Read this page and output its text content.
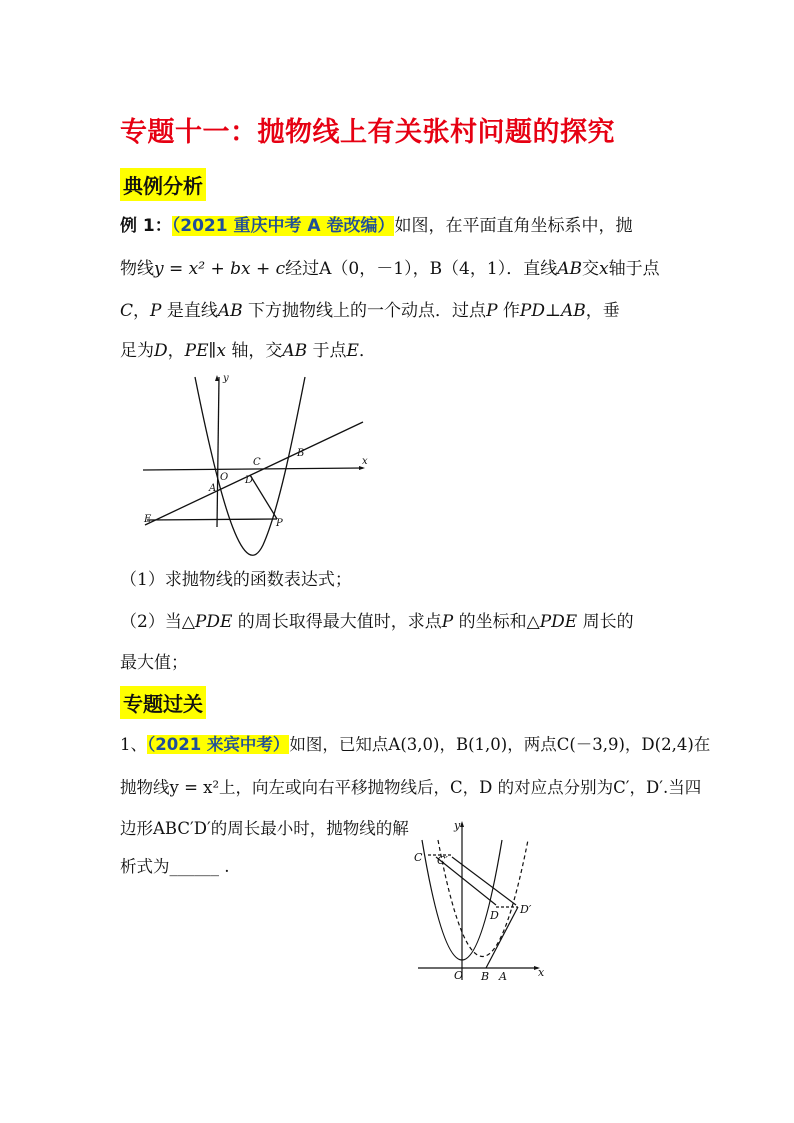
专题十一：抛物线上有关张村问题的探究
典例分析
例 1：（2021 重庆中考 A 卷改编）如图，在平面直角坐标系中，抛
物线y = x² + bx + c经过A（0，－1），B（4，1）．直线AB交x轴于点
C，P 是直线AB 下方抛物线上的一个动点．过点P 作PD⊥AB，垂
足为D，PE∥x 轴，交AB 于点E．
y
x
O
A
B
C
D
E	P
（1）求抛物线的函数表达式；
（2）当△PDE 的周长取得最大值时，求点P 的坐标和△PDE 周长的
最大值；
专题过关
1、（2021 来宾中考）如图，已知点A(3,0)，B(1,0)，两点C(－3,9)，D(2,4)在
抛物线y = x²上，向左或向右平移抛物线后，C，D 的对应点分别为C′，D′.当四
边形ABC′D′的周长最小时，抛物线的解
析式为______ .
y
x
O B A
C C′
D D′
